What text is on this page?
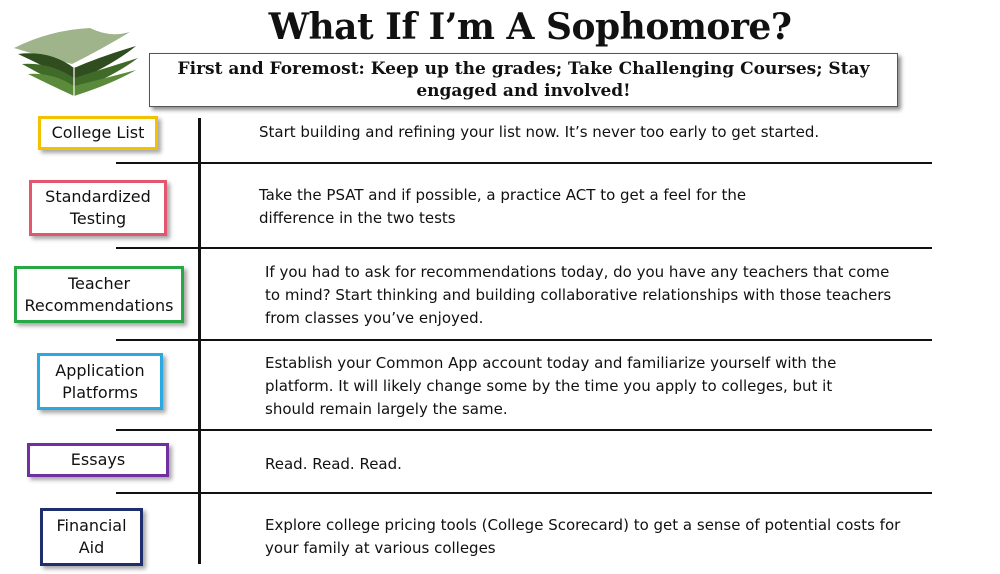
What If I’m A Sophomore?
First and Foremost: Keep up the grades; Take Challenging Courses; Stay engaged and involved!
College List	Start building and refining your list now. It’s never too early to get started.
Standardized Testing
Take the PSAT and if possible, a practice ACT to get a feel for the difference in the two tests
Teacher Recommendations
If you had to ask for recommendations today, do you have any teachers that come to mind? Start thinking and building collaborative relationships with those teachers from classes you’ve enjoyed.
Application Platforms
Establish your Common App account today and familiarize yourself with the platform. It will likely change some by the time you apply to colleges, but it should remain largely the same.
Essays	Read. Read. Read.
Financial Aid
Explore college pricing tools (College Scorecard) to get a sense of potential costs for your family at various colleges
